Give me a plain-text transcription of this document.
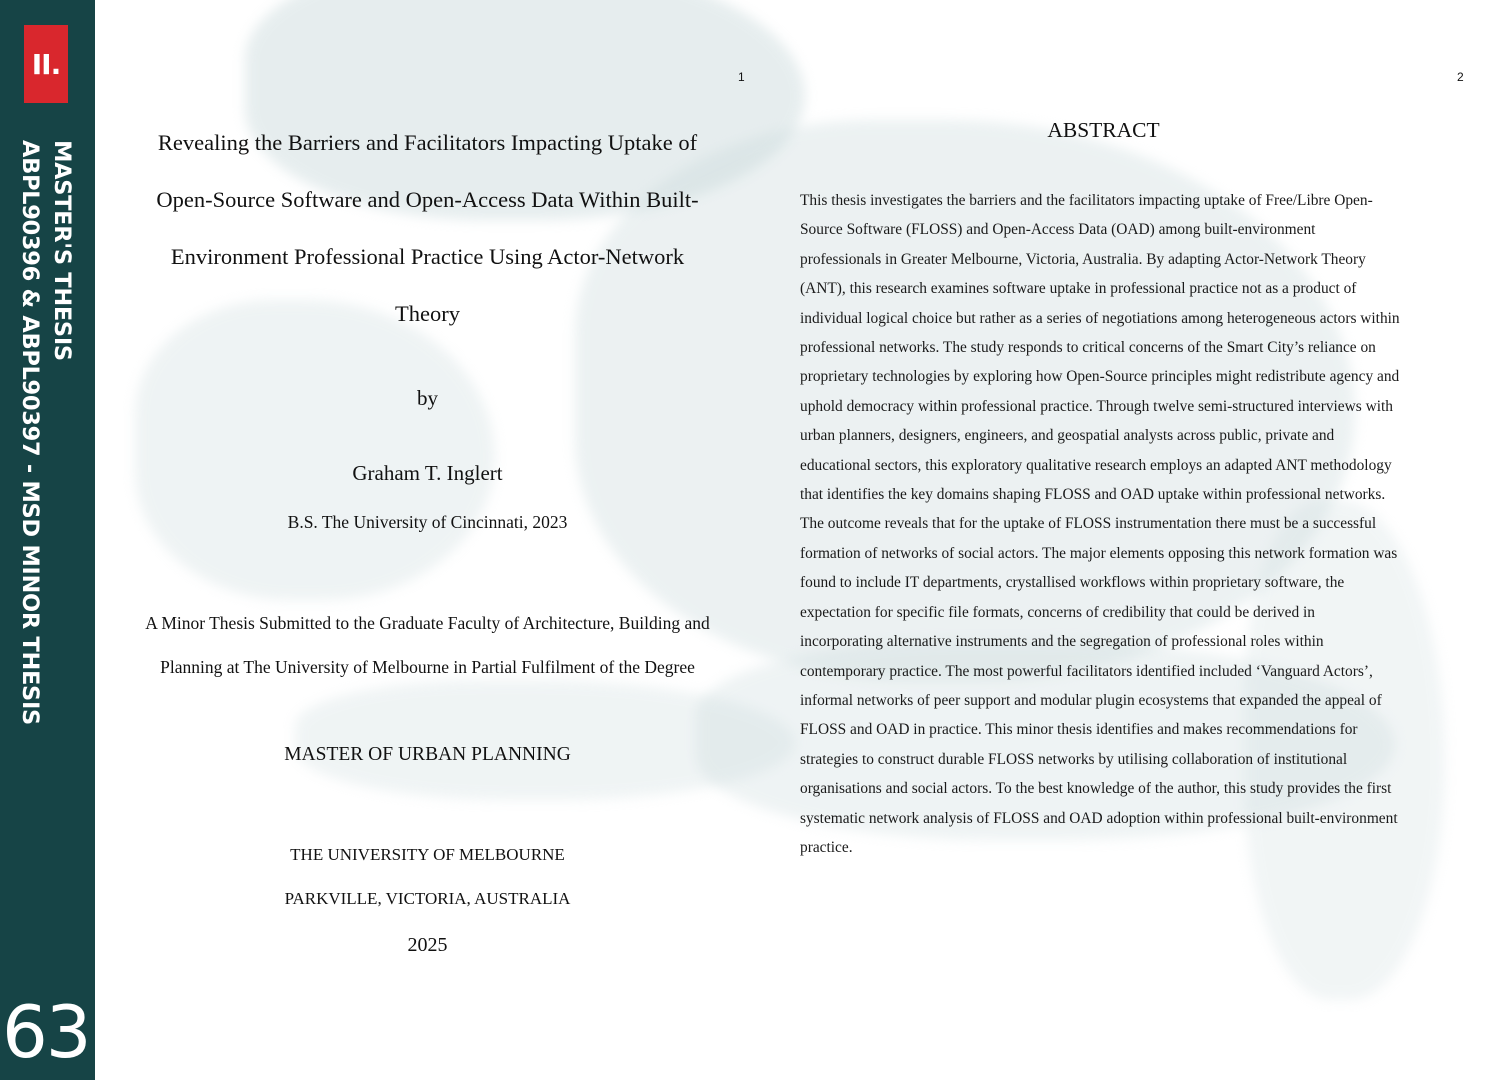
II.
MASTER'S THESIS
ABPL90396 & ABPL90397 - MSD MINOR THESIS
63
1
Revealing the Barriers and Facilitators Impacting Uptake of
Open-Source Software and Open-Access Data Within Built-
Environment Professional Practice Using Actor-Network
Theory
by
Graham T. Inglert
B.S. The University of Cincinnati, 2023
A Minor Thesis Submitted to the Graduate Faculty of Architecture, Building and
Planning at The University of Melbourne in Partial Fulfilment of the Degree
MASTER OF URBAN PLANNING
THE UNIVERSITY OF MELBOURNE
PARKVILLE, VICTORIA, AUSTRALIA
2025
2
ABSTRACT
This thesis investigates the barriers and the facilitators impacting uptake of Free/Libre Open-
Source Software (FLOSS) and Open-Access Data (OAD) among built-environment
professionals in Greater Melbourne, Victoria, Australia. By adapting Actor-Network Theory
(ANT), this research examines software uptake in professional practice not as a product of
individual logical choice but rather as a series of negotiations among heterogeneous actors within
professional networks. The study responds to critical concerns of the Smart City’s reliance on
proprietary technologies by exploring how Open-Source principles might redistribute agency and
uphold democracy within professional practice. Through twelve semi-structured interviews with
urban planners, designers, engineers, and geospatial analysts across public, private and
educational sectors, this exploratory qualitative research employs an adapted ANT methodology
that identifies the key domains shaping FLOSS and OAD uptake within professional networks.
The outcome reveals that for the uptake of FLOSS instrumentation there must be a successful
formation of networks of social actors. The major elements opposing this network formation was
found to include IT departments, crystallised workflows within proprietary software, the
expectation for specific file formats, concerns of credibility that could be derived in
incorporating alternative instruments and the segregation of professional roles within
contemporary practice. The most powerful facilitators identified included ‘Vanguard Actors’,
informal networks of peer support and modular plugin ecosystems that expanded the appeal of
FLOSS and OAD in practice. This minor thesis identifies and makes recommendations for
strategies to construct durable FLOSS networks by utilising collaboration of institutional
organisations and social actors. To the best knowledge of the author, this study provides the first
systematic network analysis of FLOSS and OAD adoption within professional built-environment
practice.
